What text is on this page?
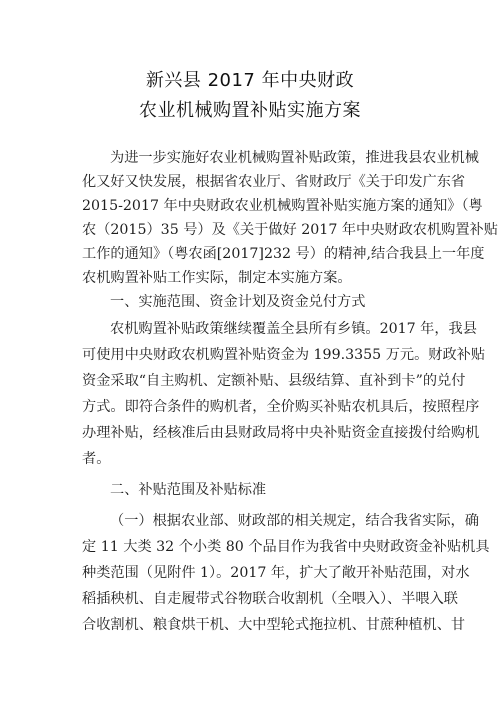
新兴县 2017 年中央财政
农业机械购置补贴实施方案
为进一步实施好农业机械购置补贴政策，推进我县农业机械
化又好又快发展，根据省农业厅、省财政厅《关于印发广东省
2015-2017 年中央财政农业机械购置补贴实施方案的通知》（粤
农（2015）35 号）及《关于做好 2017 年中央财政农机购置补贴
工作的通知》（粤农函[2017]232 号）的精神,结合我县上一年度
农机购置补贴工作实际，制定本实施方案。
一、实施范围、资金计划及资金兑付方式
农机购置补贴政策继续覆盖全县所有乡镇。2017 年，我县
可使用中央财政农机购置补贴资金为 199.3355 万元。财政补贴
资金采取“自主购机、定额补贴、县级结算、直补到卡”的兑付
方式。即符合条件的购机者，全价购买补贴农机具后，按照程序
办理补贴，经核准后由县财政局将中央补贴资金直接拨付给购机
者。
二、补贴范围及补贴标准
（一）根据农业部、财政部的相关规定，结合我省实际，确
定 11 大类 32 个小类 80 个品目作为我省中央财政资金补贴机具
种类范围（见附件 1）。2017 年，扩大了敞开补贴范围，对水
稻插秧机、自走履带式谷物联合收割机（全喂入）、半喂入联
合收割机、粮食烘干机、大中型轮式拖拉机、甘蔗种植机、甘
